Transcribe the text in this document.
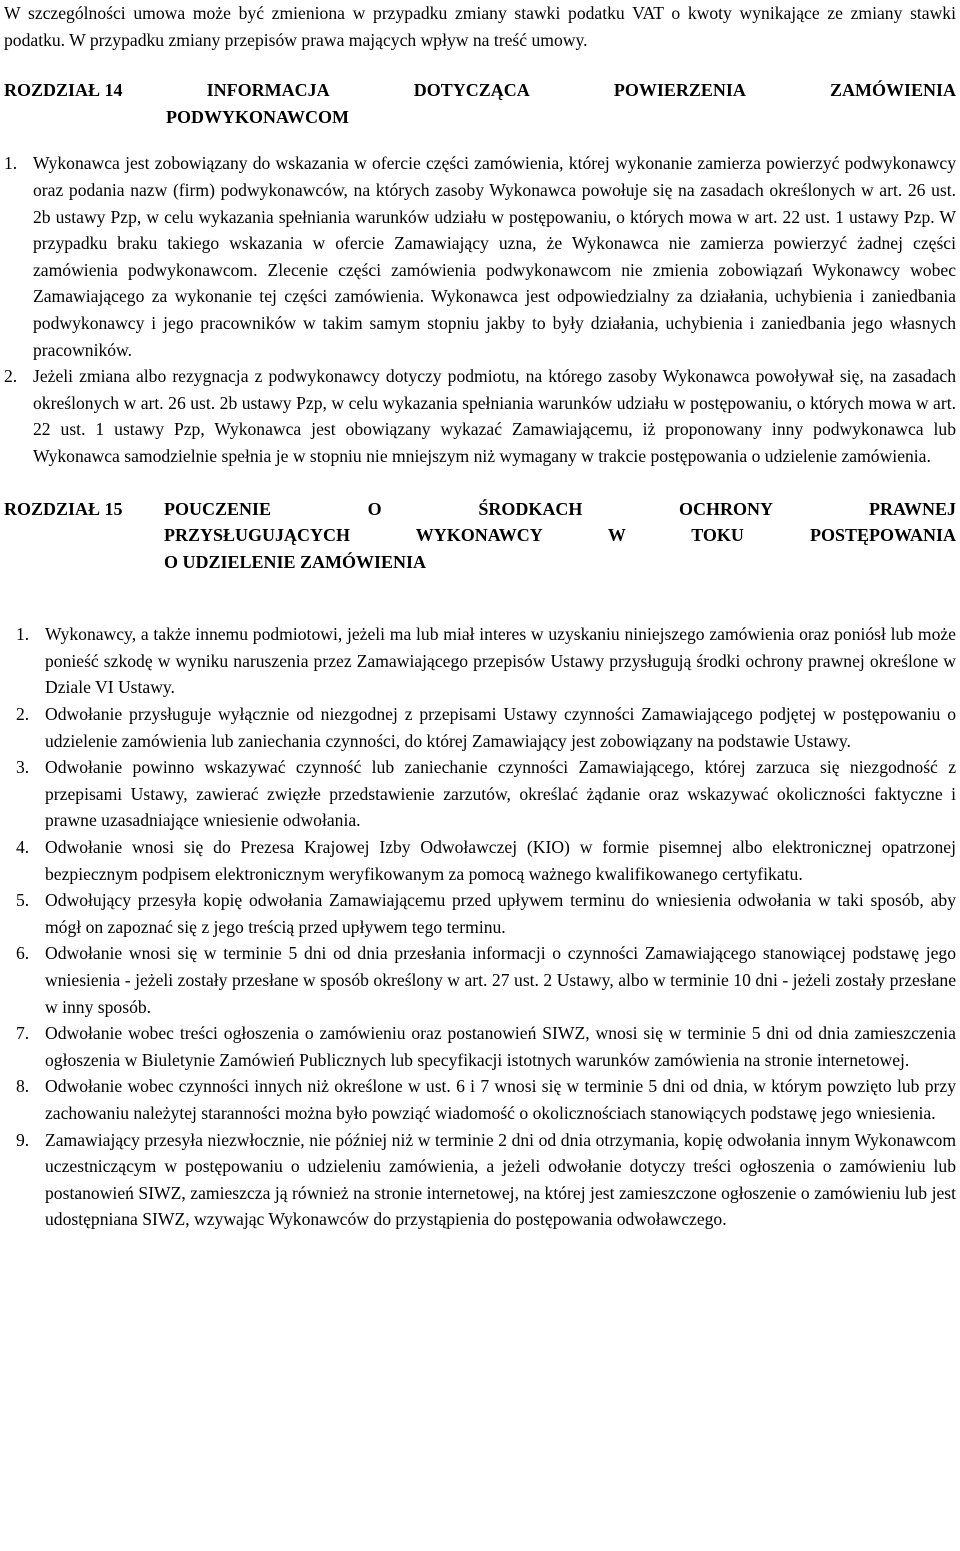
W szczególności umowa może być zmieniona w przypadku zmiany stawki podatku VAT o kwoty wynikające ze zmiany stawki podatku. W przypadku zmiany przepisów prawa mających wpływ na treść umowy.

ROZDZIAŁ 14	INFORMACJA	DOTYCZĄCA	POWIERZENIA	ZAMÓWIENIA
PODWYKONAWCOM
1. Wykonawca jest zobowiązany do wskazania w ofercie części zamówienia, której wykonanie zamierza powierzyć podwykonawcy oraz podania nazw (firm) podwykonawców, na których zasoby Wykonawca powołuje się na zasadach określonych w art. 26 ust. 2b ustawy Pzp, w celu wykazania spełniania warunków udziału w postępowaniu, o których mowa w art. 22 ust. 1 ustawy Pzp. W przypadku braku takiego wskazania w ofercie Zamawiający uzna, że Wykonawca nie zamierza powierzyć żadnej części zamówienia podwykonawcom. Zlecenie części zamówienia podwykonawcom nie zmienia zobowiązań Wykonawcy wobec Zamawiającego za wykonanie tej części zamówienia. Wykonawca jest odpowiedzialny za działania, uchybienia i zaniedbania podwykonawcy i jego pracowników w takim samym stopniu jakby to były działania, uchybienia i zaniedbania jego własnych pracowników.
2. Jeżeli zmiana albo rezygnacja z podwykonawcy dotyczy podmiotu, na którego zasoby Wykonawca powoływał się, na zasadach określonych w art. 26 ust. 2b ustawy Pzp, w celu wykazania spełniania warunków udziału w postępowaniu, o których mowa w art. 22 ust. 1 ustawy Pzp, Wykonawca jest obowiązany wykazać Zamawiającemu, iż proponowany inny podwykonawca lub Wykonawca samodzielnie spełnia je w stopniu nie mniejszym niż wymagany w trakcie postępowania o udzielenie zamówienia.
ROZDZIAŁ 15	POUCZENIE O ŚRODKACH OCHRONY PRAWNEJ
PRZYSŁUGUJĄCYCH WYKONAWCY W TOKU POSTĘPOWANIA
O UDZIELENIE ZAMÓWIENIA
1. Wykonawcy, a także innemu podmiotowi, jeżeli ma lub miał interes w uzyskaniu niniejszego zamówienia oraz poniósł lub może ponieść szkodę w wyniku naruszenia przez Zamawiającego przepisów Ustawy przysługują środki ochrony prawnej określone w Dziale VI Ustawy.
2. Odwołanie przysługuje wyłącznie od niezgodnej z przepisami Ustawy czynności Zamawiającego podjętej w postępowaniu o udzielenie zamówienia lub zaniechania czynności, do której Zamawiający jest zobowiązany na podstawie Ustawy.
3. Odwołanie powinno wskazywać czynność lub zaniechanie czynności Zamawiającego, której zarzuca się niezgodność z przepisami Ustawy, zawierać zwięzłe przedstawienie zarzutów, określać żądanie oraz wskazywać okoliczności faktyczne i prawne uzasadniające wniesienie odwołania.
4. Odwołanie wnosi się do Prezesa Krajowej Izby Odwoławczej (KIO) w formie pisemnej albo elektronicznej opatrzonej bezpiecznym podpisem elektronicznym weryfikowanym za pomocą ważnego kwalifikowanego certyfikatu.
5. Odwołujący przesyła kopię odwołania Zamawiającemu przed upływem terminu do wniesienia odwołania w taki sposób, aby mógł on zapoznać się z jego treścią przed upływem tego terminu.
6. Odwołanie wnosi się w terminie 5 dni od dnia przesłania informacji o czynności Zamawiającego stanowiącej podstawę jego wniesienia - jeżeli zostały przesłane w sposób określony w art. 27 ust. 2 Ustawy, albo w terminie 10 dni - jeżeli zostały przesłane w inny sposób.
7. Odwołanie wobec treści ogłoszenia o zamówieniu oraz postanowień SIWZ, wnosi się w terminie 5 dni od dnia zamieszczenia ogłoszenia w Biuletynie Zamówień Publicznych lub specyfikacji istotnych warunków zamówienia na stronie internetowej.
8. Odwołanie wobec czynności innych niż określone w ust. 6 i 7 wnosi się w terminie 5 dni od dnia, w którym powzięto lub przy zachowaniu należytej staranności można było powziąć wiadomość o okolicznościach stanowiących podstawę jego wniesienia.
9. Zamawiający przesyła niezwłocznie, nie później niż w terminie 2 dni od dnia otrzymania, kopię odwołania innym Wykonawcom uczestniczącym w postępowaniu o udzieleniu zamówienia, a jeżeli odwołanie dotyczy treści ogłoszenia o zamówieniu lub postanowień SIWZ, zamieszcza ją również na stronie internetowej, na której jest zamieszczone ogłoszenie o zamówieniu lub jest udostępniana SIWZ, wzywając Wykonawców do przystąpienia do postępowania odwoławczego.
